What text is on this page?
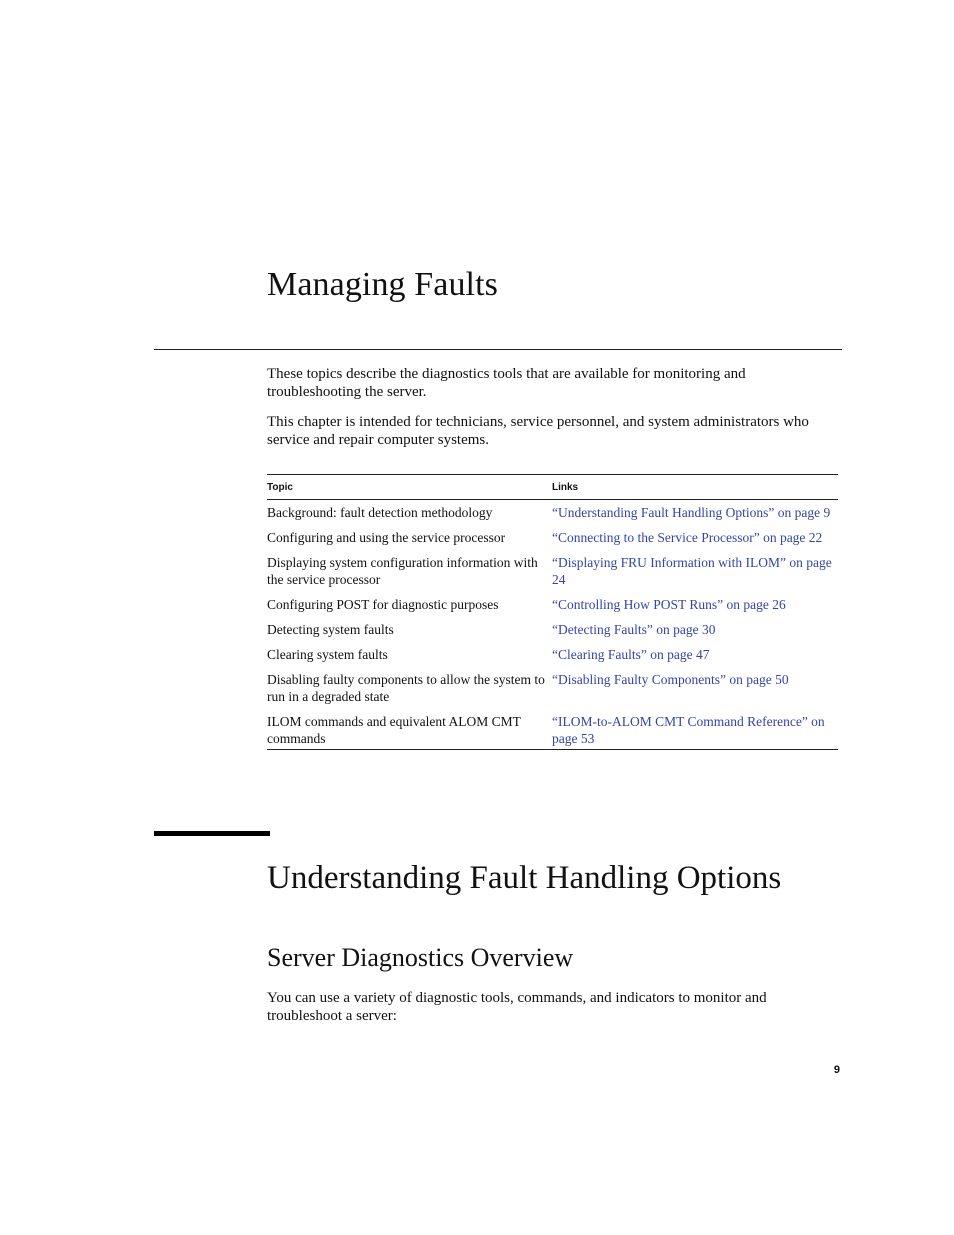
Managing Faults

These topics describe the diagnostics tools that are available for monitoring and troubleshooting the server.

This chapter is intended for technicians, service personnel, and system administrators who service and repair computer systems.

Topic	Links
Background: fault detection methodology	“Understanding Fault Handling Options” on page 9
Configuring and using the service processor	“Connecting to the Service Processor” on page 22
Displaying system configuration information with the service processor	“Displaying FRU Information with ILOM” on page 24
Configuring POST for diagnostic purposes	“Controlling How POST Runs” on page 26
Detecting system faults	“Detecting Faults” on page 30
Clearing system faults	“Clearing Faults” on page 47
Disabling faulty components to allow the system to run in a degraded state	“Disabling Faulty Components” on page 50
ILOM commands and equivalent ALOM CMT commands	“ILOM-to-ALOM CMT Command Reference” on page 53
Understanding Fault Handling Options
Server Diagnostics Overview

You can use a variety of diagnostic tools, commands, and indicators to monitor and troubleshoot a server:

9
